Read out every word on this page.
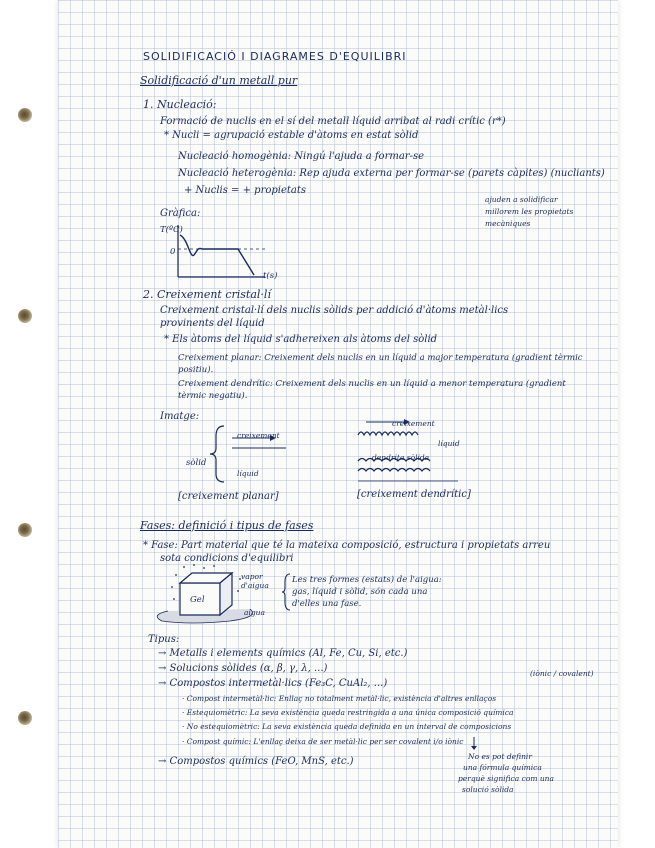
SOLIDIFICACIÓ I DIAGRAMES D'EQUILIBRI
Solidificació d'un metall pur
1. Nucleació:
Formació de nuclis en el sí del metall líquid arribat al radi crític (r*)
* Nucli = agrupació estable d'àtoms en estat sòlid
Nucleació homogènia: Ningú l'ajuda a formar-se
Nucleació heterogènia: Rep ajuda externa per formar-se (parets càpites) (nucliants)
+ Nuclis = + propietats
ajuden a solidificar millorem les propietats mecàniques
Gràfica:
T(ºC)
0
t(s)
2. Creixement cristal·lí
Creixement cristal·lí dels nuclis sòlids per addició d'àtoms metàl·lics
provinents del líquid
* Els àtoms del líquid s'adhereixen als àtoms del sòlid
Creixement planar: Creixement dels nuclis en un líquid a major temperatura (gradient tèrmic positiu).
Creixement dendrític: Creixement dels nuclis en un líquid a menor temperatura (gradient tèrmic negatiu).
Imatge:
creixement
sòlid
líquid
[creixement planar]
creixement
líquid
dendrita sòlida
[creixement dendrític]
Fases: definició i tipus de fases
* Fase: Part material que té la mateixa composició, estructura i propietats arreu
sota condicions d'equilibri
Gel
vapor d'aigua
aigua
Les tres formes (estats) de l'aigua:
gas, líquid i sòlid, són cada una
d'elles una fase.
Tipus:
→ Metalls i elements químics (Al, Fe, Cu, Si, etc.)
→ Solucions sòlides (α, β, γ, λ, ...)
→ Compostos intermetàl·lics (Fe₃C, CuAl₂, ...)
(iònic / covalent)
· Compost intermetàl·lic: Enllaç no totalment metàl·lic, existència d'altres enllaços
· Estequiomètric: La seva existència queda restringida a una única composició química
· No estequiomètric: La seva existència queda definida en un interval de composicions
· Compost químic: L'enllaç deixa de ser metàl·lic per ser covalent i/o iònic
→ Compostos químics (FeO, MnS, etc.)	No es pot definir
una fórmula química
perquè significa com una
solució sòlida
